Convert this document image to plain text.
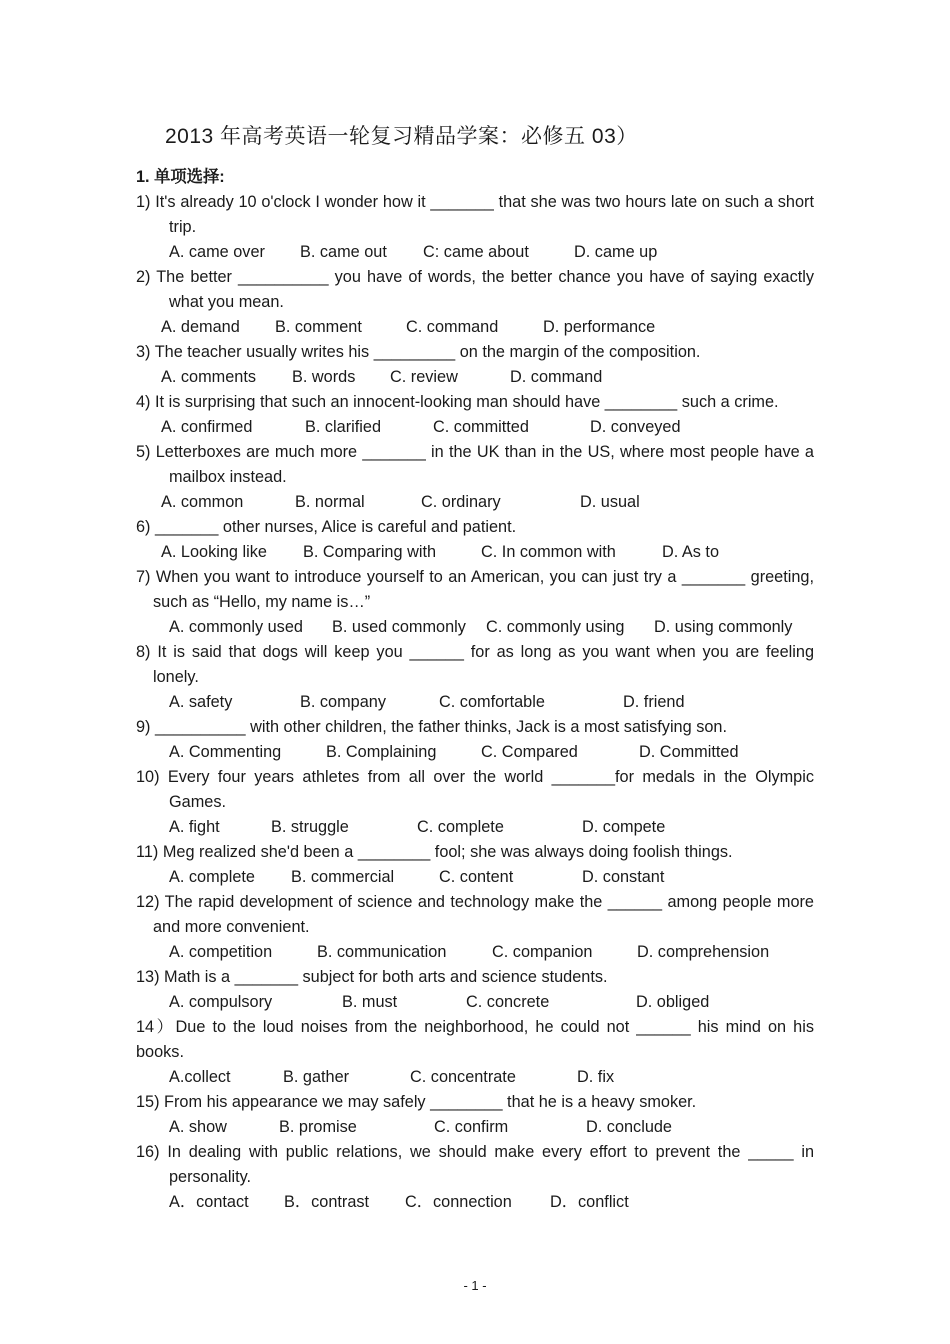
2013 年高考英语一轮复习精品学案：必修五 03）
1. 单项选择:

1) It's already 10 o'clock I wonder how it _______ that she was two hours late on such a short trip.

A. came over	B. came out	C: came about	D. came up

2) The better __________ you have of words, the better chance you have of saying exactly what you mean.

A. demand	B. comment	C. command	D. performance

3) The teacher usually writes his _________ on the margin of the composition.

A. comments	B. words	C. review	D. command

4) It is surprising that such an innocent-looking man should have ________ such a crime.

A. confirmed	B. clarified	C. committed	D. conveyed

5) Letterboxes are much more _______ in the UK than in the US, where most people have a mailbox instead.

A. common	B. normal	C. ordinary	D. usual

6) _______ other nurses, Alice is careful and patient.

A. Looking like	B. Comparing with	C. In common with	D. As to

7) When you want to introduce yourself to an American, you can just try a _______ greeting, such as “Hello, my name is…”

A. commonly used	B. used commonly	C. commonly using	D. using commonly

8) It is said that dogs will keep you ______ for as long as you want when you are feeling lonely.

A. safety	B. company	C. comfortable	D. friend

9) __________ with other children, the father thinks, Jack is a most satisfying son.

A. Commenting	B. Complaining	C. Compared	D. Committed

10) Every four years athletes from all over the world _______for medals in the Olympic Games.

A. fight	B. struggle	C. complete	D. compete

11) Meg realized she'd been a ________ fool; she was always doing foolish things.

A. complete	B. commercial	C. content	D. constant

12) The rapid development of science and technology make the ______ among people more and more convenient.

A. competition	B. communication	C. companion	D. comprehension

13) Math is a _______ subject for both arts and science students.

A. compulsory	B. must	C. concrete	D. obliged

14）Due to the loud noises from the neighborhood, he could not ______ his mind on his books.

A.collect	B. gather	C. concentrate	D. fix

15) From his appearance we may safely ________ that he is a heavy smoker.

A. show	B. promise	C. confirm	D. conclude

16) In dealing with public relations, we should make every effort to prevent the _____ in personality.

A．contact	B．contrast	C．connection	D．conflict
- 1 -
